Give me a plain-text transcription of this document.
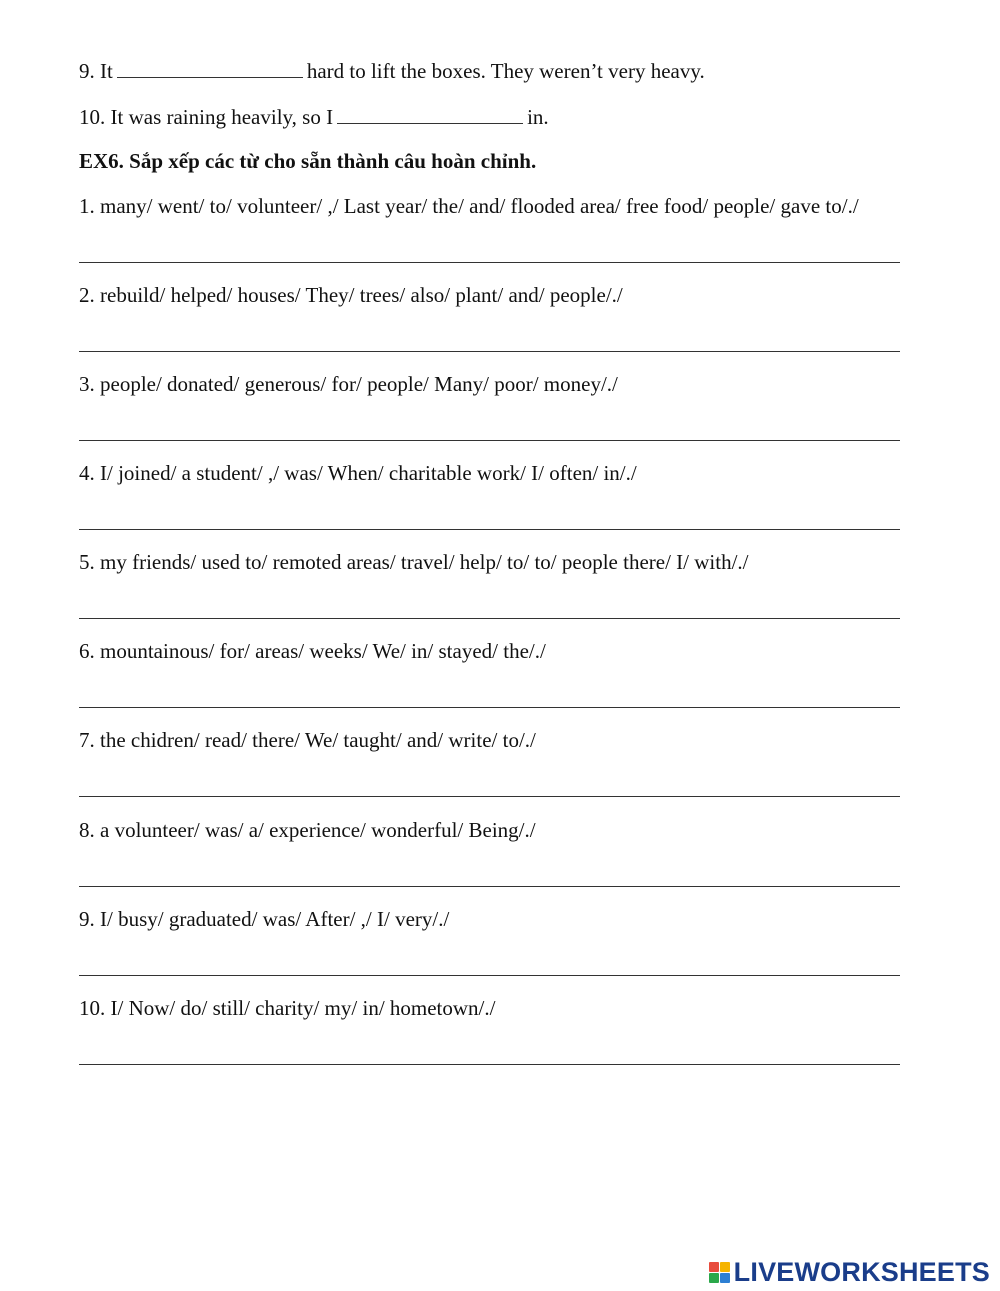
9. It	hard to lift the boxes. They weren’t very heavy.
10. It was raining heavily, so I	in.
EX6. Sắp xếp các từ cho sẵn thành câu hoàn chỉnh.
1. many/ went/ to/ volunteer/ ,/ Last year/ the/ and/ flooded area/ free food/ people/ gave to/./
2. rebuild/ helped/ houses/ They/ trees/ also/ plant/ and/ people/./
3. people/ donated/ generous/ for/ people/ Many/ poor/ money/./
4. I/ joined/ a student/ ,/ was/ When/ charitable work/ I/ often/ in/./
5. my friends/ used to/ remoted areas/ travel/ help/ to/ to/ people there/ I/ with/./
6. mountainous/ for/ areas/ weeks/ We/ in/ stayed/ the/./
7. the chidren/ read/ there/ We/ taught/ and/ write/ to/./
8. a volunteer/ was/ a/ experience/ wonderful/ Being/./
9. I/ busy/ graduated/ was/ After/ ,/ I/ very/./
10. I/ Now/ do/ still/ charity/ my/ in/ hometown/./
LIVEWORKSHEETS
